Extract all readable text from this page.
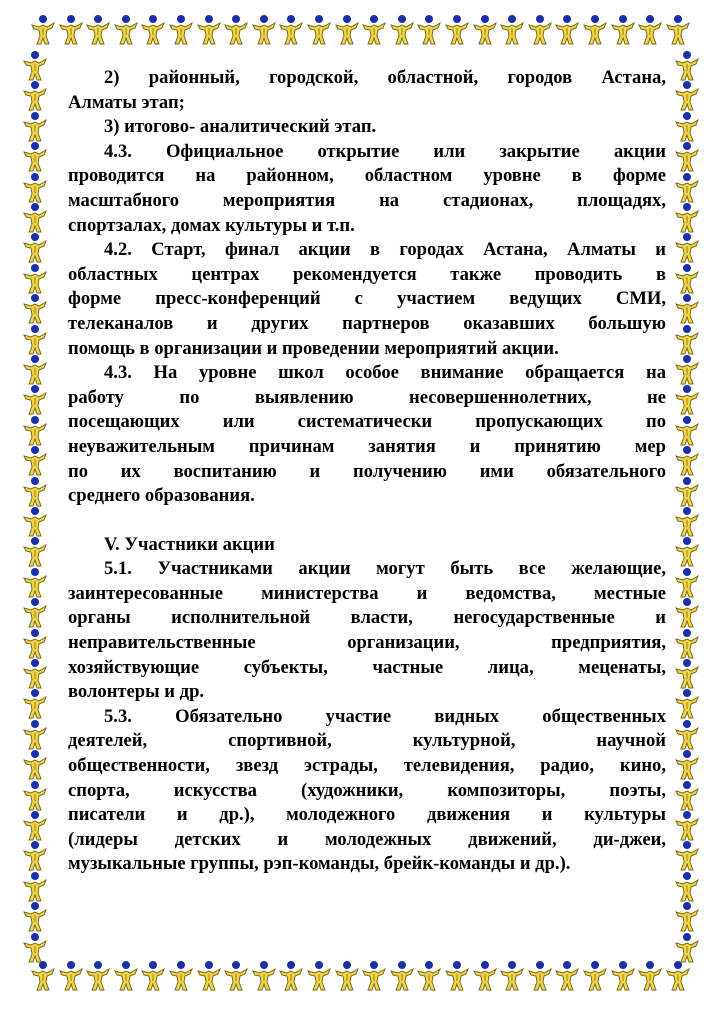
2) районный, городской, областной, городов Астана,

Алматы этап;

3) итогово- аналитический этап.

4.3. Официальное открытие или закрытие акции

проводится на районном, областном уровне в форме

масштабного мероприятия на стадионах, площадях,

спортзалах, домах культуры и т.п.

4.2. Старт, финал акции в городах Астана, Алматы и

областных центрах рекомендуется также проводить в

форме пресс-конференций с участием ведущих СМИ,

телеканалов и других партнеров оказавших большую

помощь в организации и проведении мероприятий акции.

4.3. На уровне школ особое внимание обращается на

работу по выявлению несовершеннолетних, не

посещающих или систематически пропускающих по

неуважительным причинам занятия и принятию мер

по их воспитанию и получению ими обязательного

среднего образования.

V. Участники акции

5.1. Участниками акции могут быть все желающие,

заинтересованные министерства и ведомства, местные

органы исполнительной власти, негосударственные и

неправительственные организации, предприятия,

хозяйствующие субъекты, частные лица, меценаты,

волонтеры и др.

5.3. Обязательно участие видных общественных

деятелей, спортивной, культурной, научной

общественности, звезд эстрады, телевидения, радио, кино,

спорта, искусства (художники, композиторы, поэты,

писатели и др.), молодежного движения и культуры

(лидеры детских и молодежных движений, ди-джеи,

музыкальные группы, рэп-команды, брейк-команды и др.).
